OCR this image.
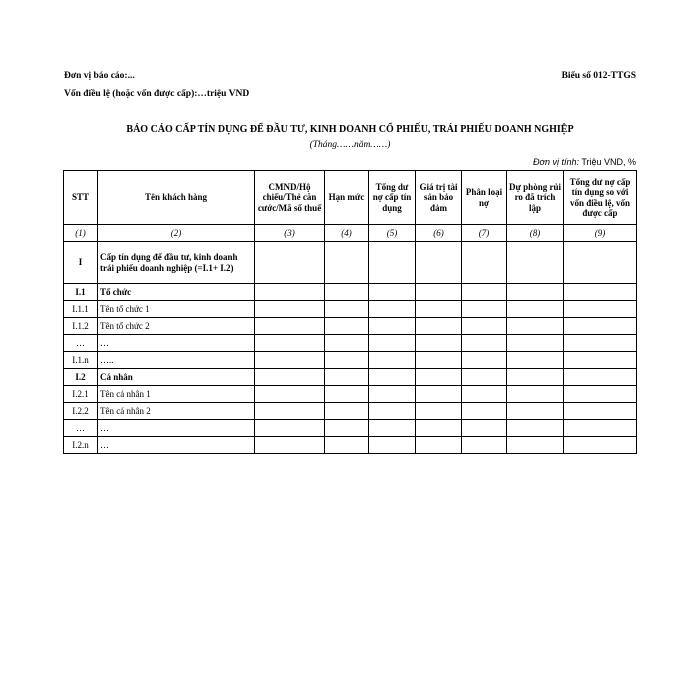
Đơn vị báo cáo:...
Vốn điều lệ (hoặc vốn được cấp):…triệu VND
Biểu số 012-TTGS
BÁO CÁO CẤP TÍN DỤNG ĐỂ ĐẦU TƯ, KINH DOANH CỔ PHIẾU, TRÁI PHIẾU DOANH NGHIỆP
(Tháng……năm……)
Đơn vị tính: Triệu VND, %
STT	Tên khách hàng	CMND/Hộ chiếu/Thẻ căn cước/Mã số thuế	Hạn mức	Tổng dư nợ cấp tín dụng	Giá trị tài sản bảo đảm	Phân loại nợ	Dự phòng rủi ro đã trích lập	Tổng dư nợ cấp tín dụng so với vốn điều lệ, vốn được cấp
(1)	(2)	(3)	(4)	(5)	(6)	(7)	(8)	(9)
I	Cấp tín dụng để đầu tư, kinh doanh trái phiếu doanh nghiệp (=I.1+ I.2)							
I.1	Tổ chức							
I.1.1	Tên tổ chức 1							
I.1.2	Tên tổ chức 2							
…	…							
I.1.n	…..							
I.2	Cá nhân							
I.2.1	Tên cá nhân 1							
I.2.2	Tên cá nhân 2							
…	…							
I.2.n	…							
